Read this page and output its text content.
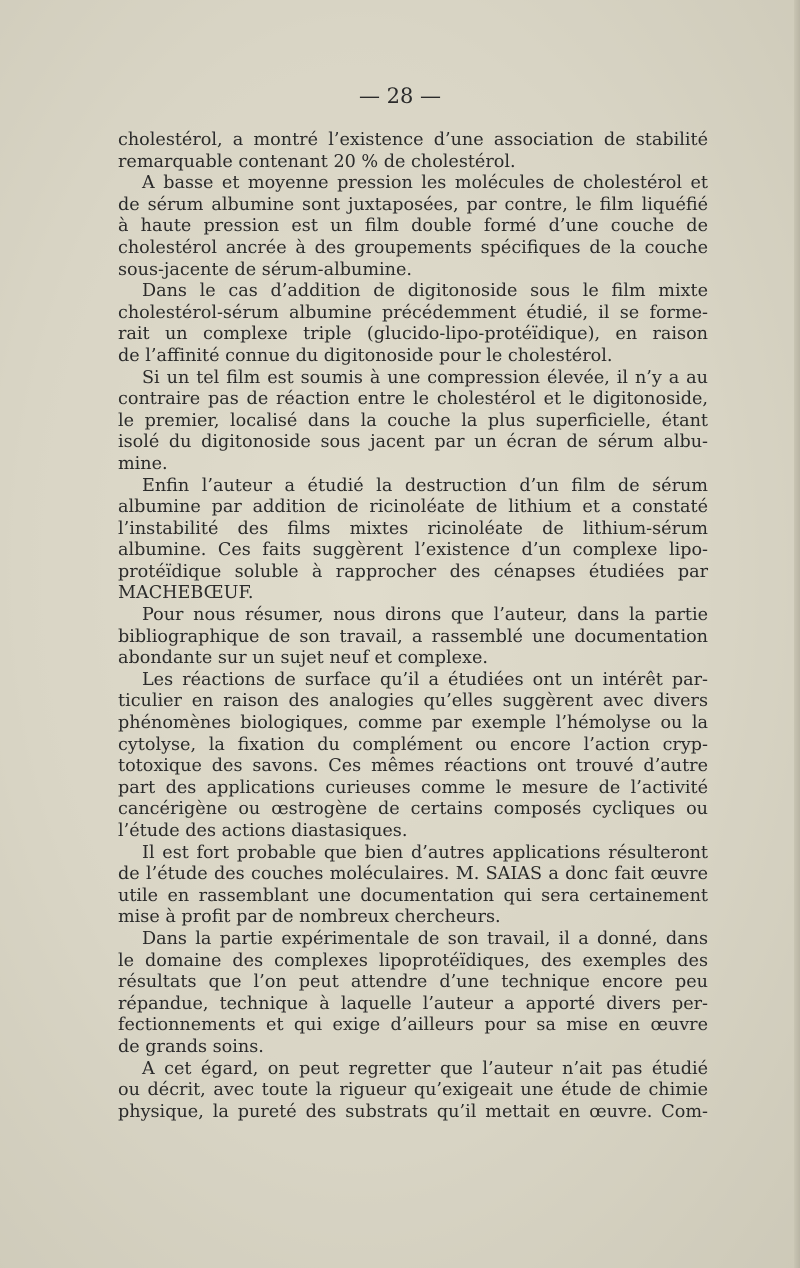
— 28 —
cholestérol, a montré l’existence d’une association de stabilité
remarquable contenant 20 % de cholestérol.
A basse et moyenne pression les molécules de cholestérol et
de sérum albumine sont juxtaposées, par contre, le film liquéfié
à haute pression est un film double formé d’une couche de
cholestérol ancrée à des groupements spécifiques de la couche
sous-jacente de sérum-albumine.
Dans le cas d’addition de digitonoside sous le film mixte
cholestérol-sérum albumine précédemment étudié, il se forme-
rait un complexe triple (glucido-lipo-protéïdique), en raison
de l’affinité connue du digitonoside pour le cholestérol.
Si un tel film est soumis à une compression élevée, il n’y a au
contraire pas de réaction entre le cholestérol et le digitonoside,
le premier, localisé dans la couche la plus superficielle, étant
isolé du digitonoside sous jacent par un écran de sérum albu-
mine.
Enfin l’auteur a étudié la destruction d’un film de sérum
albumine par addition de ricinoléate de lithium et a constaté
l’instabilité des films mixtes ricinoléate de lithium-sérum
albumine. Ces faits suggèrent l’existence d’un complexe lipo-
protéïdique soluble à rapprocher des cénapses étudiées par
MACHEBŒUF.
Pour nous résumer, nous dirons que l’auteur, dans la partie
bibliographique de son travail, a rassemblé une documentation
abondante sur un sujet neuf et complexe.
Les réactions de surface qu’il a étudiées ont un intérêt par-
ticulier en raison des analogies qu’elles suggèrent avec divers
phénomènes biologiques, comme par exemple l’hémolyse ou la
cytolyse, la fixation du complément ou encore l’action cryp-
totoxique des savons. Ces mêmes réactions ont trouvé d’autre
part des applications curieuses comme le mesure de l’activité
cancérigène ou œstrogène de certains composés cycliques ou
l’étude des actions diastasiques.
Il est fort probable que bien d’autres applications résulteront
de l’étude des couches moléculaires. M. SAIAS a donc fait œuvre
utile en rassemblant une documentation qui sera certainement
mise à profit par de nombreux chercheurs.
Dans la partie expérimentale de son travail, il a donné, dans
le domaine des complexes lipoprotéïdiques, des exemples des
résultats que l’on peut attendre d’une technique encore peu
répandue, technique à laquelle l’auteur a apporté divers per-
fectionnements et qui exige d’ailleurs pour sa mise en œuvre
de grands soins.
A cet égard, on peut regretter que l’auteur n’ait pas étudié
ou décrit, avec toute la rigueur qu’exigeait une étude de chimie
physique, la pureté des substrats qu’il mettait en œuvre. Com-
